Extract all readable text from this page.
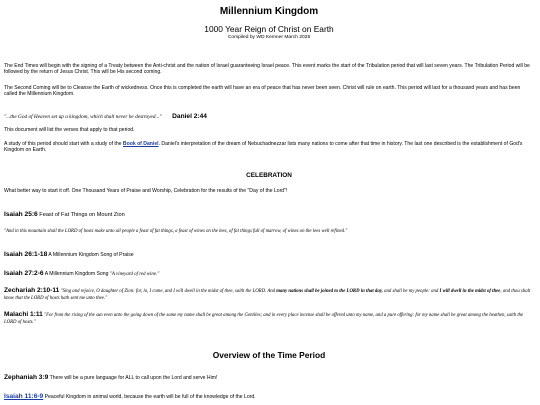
Millennium Kingdom

1000 Year Reign of Christ on Earth

Compiled by WD Kemner March 2025

The End Times will begin with the signing of a Treaty between the Anti-christ and the nation of Israel guaranteeing Israel peace. This event marks the start of the Tribulation period that will last seven years. The Tribulation Period will be followed by the return of Jesus Christ. This will be His second coming.

The Second Coming will be to Cleanse the Earth of wickedness. Once this is completed the earth will have an era of peace that has never been seen. Christ will rule on earth. This period will last for a thousand years and has been called the Millennium Kingdom.

"...the God of Heaven set up a kingdom, which shall never be destroyed..." Daniel 2:44

This document will list the verses that apply to that period.

A study of this period should start with a study of the Book of Daniel. Daniel's interpretation of the dream of Nebuchadnezzar lists many nations to come after that time in history. The last one described is the establishment of God's Kingdom on Earth.

CELEBRATION

What better way to start it off. One Thousand Years of Praise and Worship, Celebration for the results of the "Day of the Lord"!

Isaiah 25:6 Feast of Fat Things on Mount Zion

"And in this mountain shall the LORD of hosts make unto all people a feast of fat things, a feast of wines on the lees, of fat things full of marrow, of wines on the lees well refined."

Isaiah 26:1-18 A Millennium Kingdom Song of Praise

Isaiah 27:2-6 A Millennium Kingdom Song "A vineyard of red wine."

Zechariah 2:10-11 "Sing and rejoice, O daughter of Zion: for, lo, I come, and I will dwell in the midst of thee, saith the LORD. And many nations shall be joined to the LORD in that day, and shall be my people: and I will dwell in the midst of thee, and thou shalt know that the LORD of hosts hath sent me unto thee."

Malachi 1:11 "For from the rising of the sun even unto the going down of the same my name shall be great among the Gentiles; and in every place incense shall be offered unto my name, and a pure offering: for my name shall be great among the heathen, saith the LORD of hosts."

Overview of the Time Period

Zephaniah 3:9 There will be a pure language for ALL to call upon the Lord and serve Him!

Isaiah 11:6-9 Peaceful Kingdom in animal world, because the earth will be full of the knowledge of the Lord.
